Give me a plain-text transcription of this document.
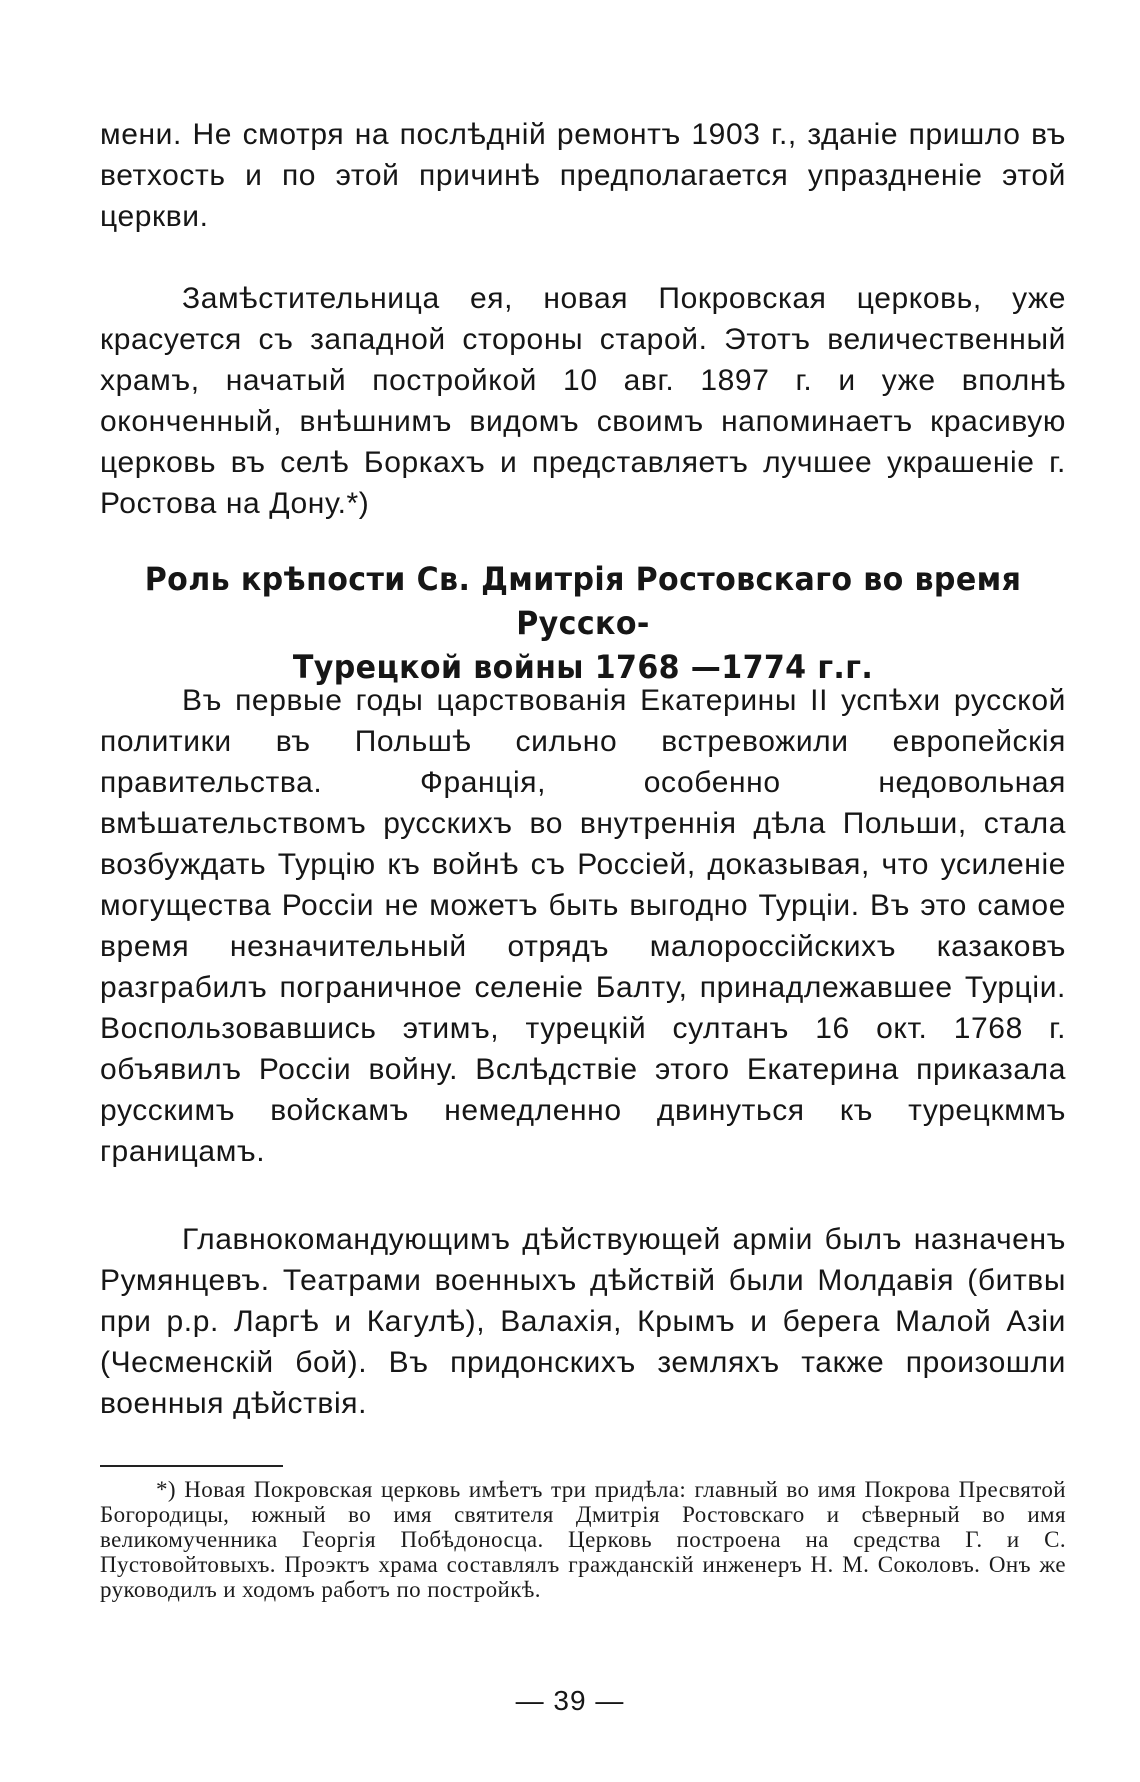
мени. Не смотря на послѣдній ремонтъ 1903 г., зданіе пришло въ ветхость и по этой причинѣ предполагается упраздненіе этой церкви.

Замѣстительница ея, новая Покровская церковь, уже красуется съ западной стороны старой. Этотъ величественный храмъ, начатый постройкой 10 авг. 1897 г. и уже вполнѣ оконченный, внѣшнимъ видомъ своимъ напоминаетъ красивую церковь въ селѣ Боркахъ и представляетъ лучшее украшеніе г. Ростова на Дону.*)

Роль крѣпости Св. Дмитрія Ростовскаго во время Русско-
Турецкой войны 1768 —1774 г.г.

Въ первые годы царствованія Екатерины II успѣхи русской политики въ Польшѣ сильно встревожили европейскія правительства. Францiя, особенно недовольная вмѣшательствомъ русскихъ во внутреннія дѣла Польши, стала возбуждать Турцію къ войнѣ съ Россіей, доказывая, что усиленіе могущества Россіи не можетъ быть выгодно Турціи. Въ это самое время незначительный отрядъ малороссійскихъ казаковъ разграбилъ пограничное селеніе Балту, принадлежавшее Турціи. Воспользовавшись этимъ, турецкій султанъ 16 окт. 1768 г. объявилъ Россіи войну. Вслѣдствіе этого Екатерина приказала русскимъ войскамъ немедленно двинуться къ турецкммъ границамъ.

Главнокомандующимъ дѣйствующей арміи былъ назначенъ Румянцевъ. Театрами военныхъ дѣйствій были Молдавія (битвы при р.р. Ларгѣ и Кагулѣ), Валахія, Крымъ и берега Малой Азіи (Чесменскій бой). Въ придонскихъ земляхъ также произошли военныя дѣйствія.

*) Новая Покровская церковь имѣетъ три придѣла: главный во имя Покрова Пресвятой Богородицы, южный во имя святителя Дмитрія Ростовскаго и сѣверный во имя великомученника Георгія Побѣдоносца. Церковь построена на средства Г. и С. Пустовойтовыхъ. Проэктъ храма составлялъ гражданскій инженеръ Н. М. Соколовъ. Онъ же руководилъ и ходомъ работъ по постройкѣ.

— 39 —
